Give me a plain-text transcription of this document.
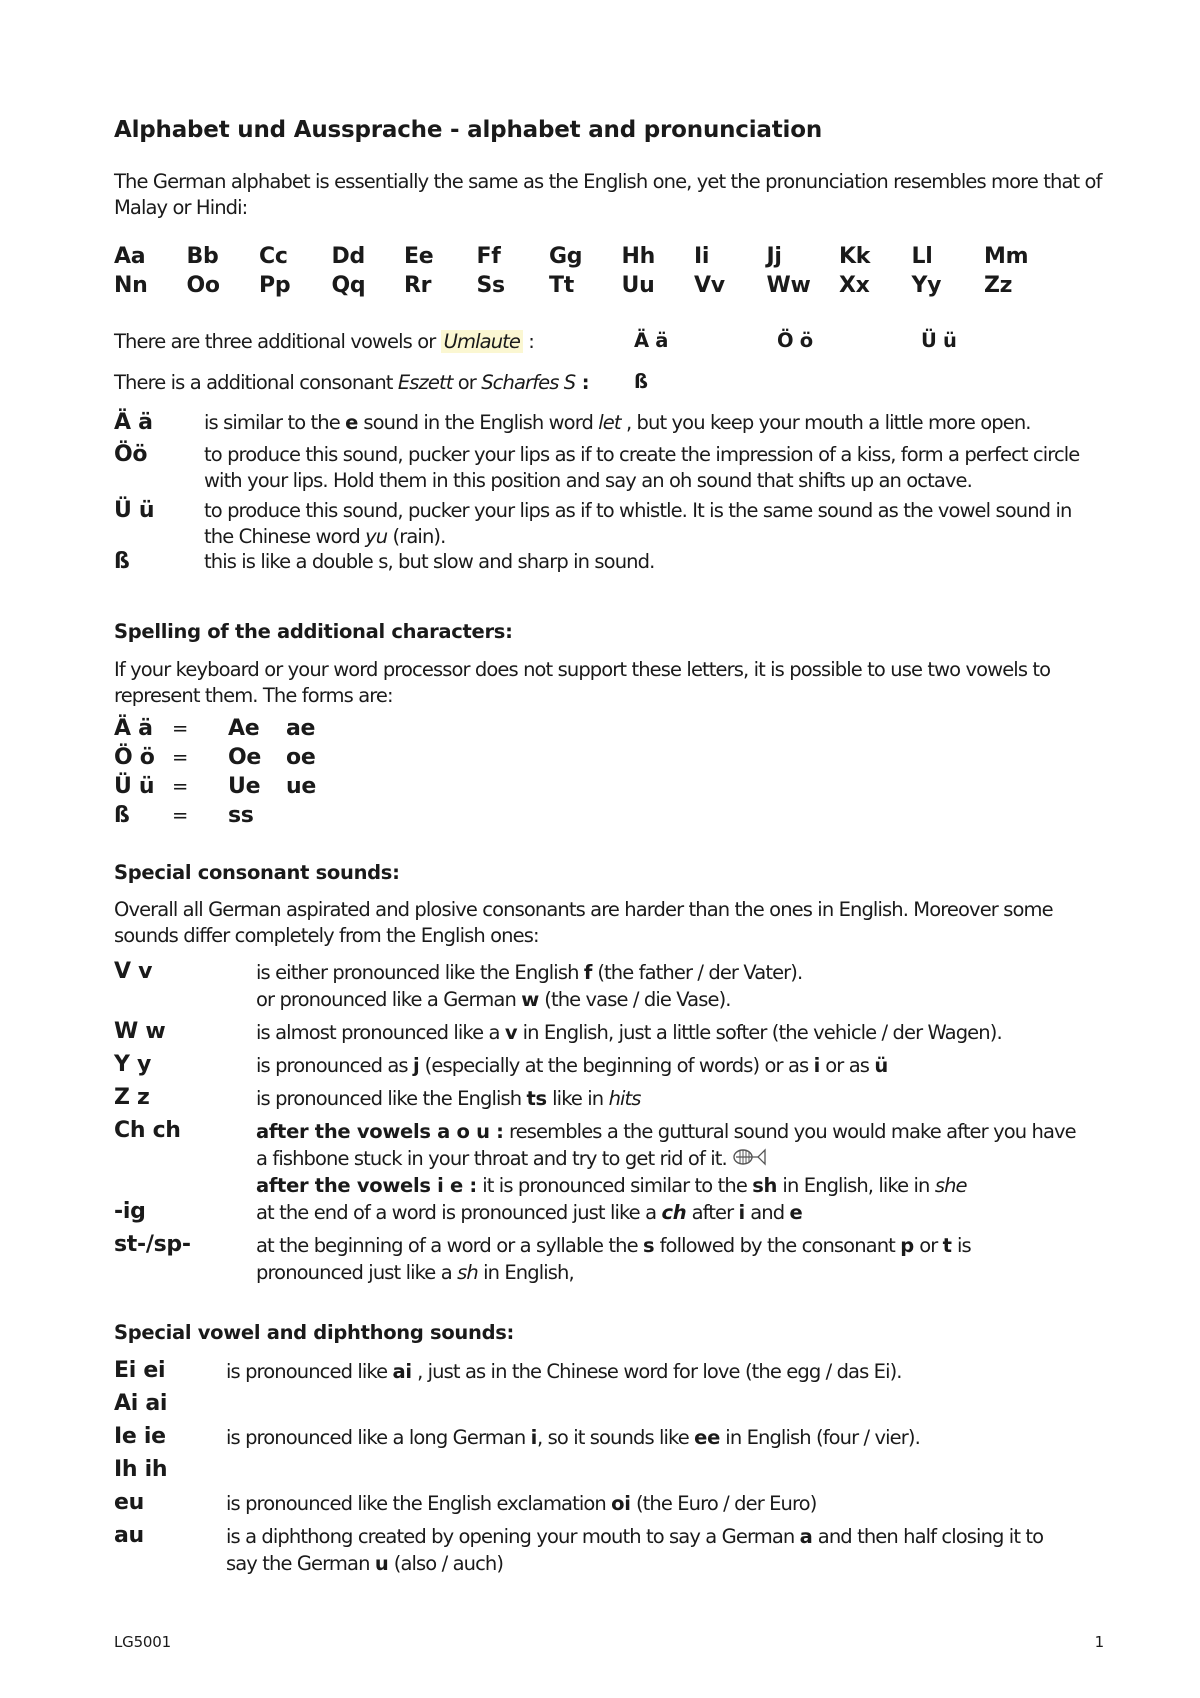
Alphabet und Aussprache - alphabet and pronunciation
The German alphabet is essentially the same as the English one, yet the pronunciation resembles more that of Malay or Hindi:
Aa Bb Cc Dd Ee Ff Gg Hh Ii	Jj	Kk Ll Mm
Nn Oo Pp Qq Rr Ss Tt Uu Vv Ww Xx Yy Zz
There are three additional vowels or Umlaute :	Ä ä	Ö ö	Ü ü
There is a additional consonant Eszett or Scharfes S : ß
Ä ä	is similar to the e sound in the English word let , but you keep your mouth a little more open.
Öö	to produce this sound, pucker your lips as if to create the impression of a kiss, form a perfect circle with your lips. Hold them in this position and say an oh sound that shifts up an octave.
Ü ü	to produce this sound, pucker your lips as if to whistle. It is the same sound as the vowel sound in the Chinese word yu (rain).
ß	this is like a double s, but slow and sharp in sound.
Spelling of the additional characters:
If your keyboard or your word processor does not support these letters, it is possible to use two vowels to represent them. The forms are:
Ä ä = Ae ae
Ö ö = Oe oe
Ü ü = Ue ue
ß = ss
Special consonant sounds:
Overall all German aspirated and plosive consonants are harder than the ones in English. Moreover some sounds differ completely from the English ones:
V v	is either pronounced like the English f (the father / der Vater).
or pronounced like a German w (the vase / die Vase).
W w	is almost pronounced like a v in English, just a little softer (the vehicle / der Wagen).
Y y	is pronounced as j (especially at the beginning of words) or as i or as ü
Z z	is pronounced like the English ts like in hits
Ch ch	after the vowels a o u : resembles a the guttural sound you would make after you have
a fishbone stuck in your throat and try to get rid of it.
after the vowels i e : it is pronounced similar to the sh in English, like in she
-ig	at the end of a word is pronounced just like a ch after i and e
st-/sp-	at the beginning of a word or a syllable the s followed by the consonant p or t is
pronounced just like a sh in English,
Special vowel and diphthong sounds:
Ei ei	is pronounced like ai , just as in the Chinese word for love (the egg / das Ei).
Ai ai
Ie ie	is pronounced like a long German i, so it sounds like ee in English (four / vier).
Ih ih
eu	is pronounced like the English exclamation oi (the Euro / der Euro)
au	is a diphthong created by opening your mouth to say a German a and then half closing it to
say the German u (also / auch)
LG5001	1
